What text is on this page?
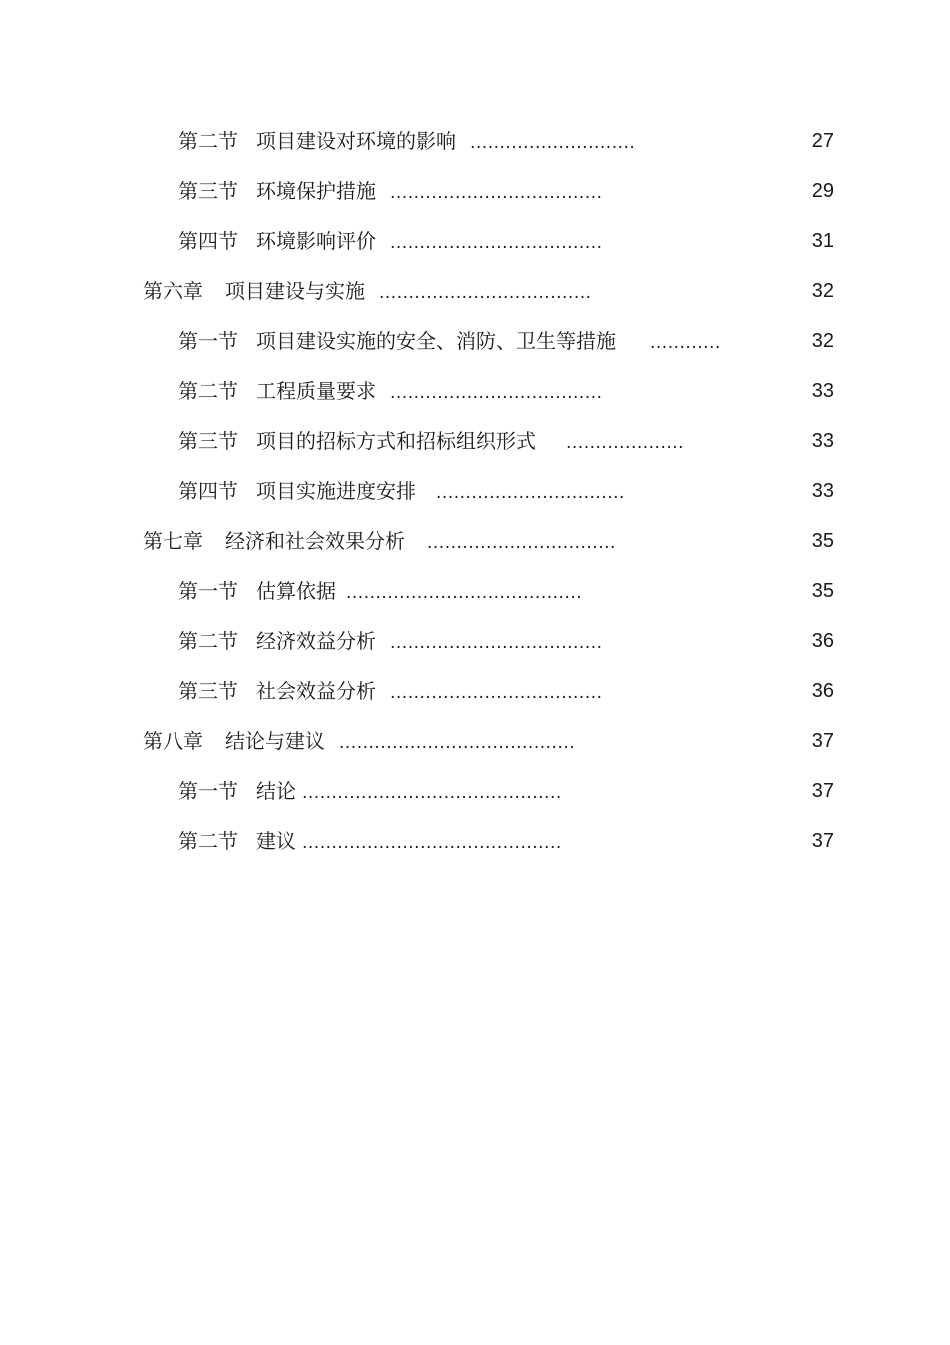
第二节 项目建设对环境的影响 ............................	27
第三节 环境保护措施 ....................................	29
第四节 环境影响评价 ....................................	31
第六章 项目建设与实施 ....................................	32
第一节 项目建设实施的安全、消防、卫生等措施 ............	32
第二节 工程质量要求 ....................................	33
第三节 项目的招标方式和招标组织形式 ....................	33
第四节 项目实施进度安排 ................................	33
第七章 经济和社会效果分析 ................................	35
第一节 估算依据 ........................................	35
第二节 经济效益分析 ....................................	36
第三节 社会效益分析 ....................................	36
第八章 结论与建议 ........................................	37
第一节 结论 ............................................	37
第二节 建议 ............................................	37
